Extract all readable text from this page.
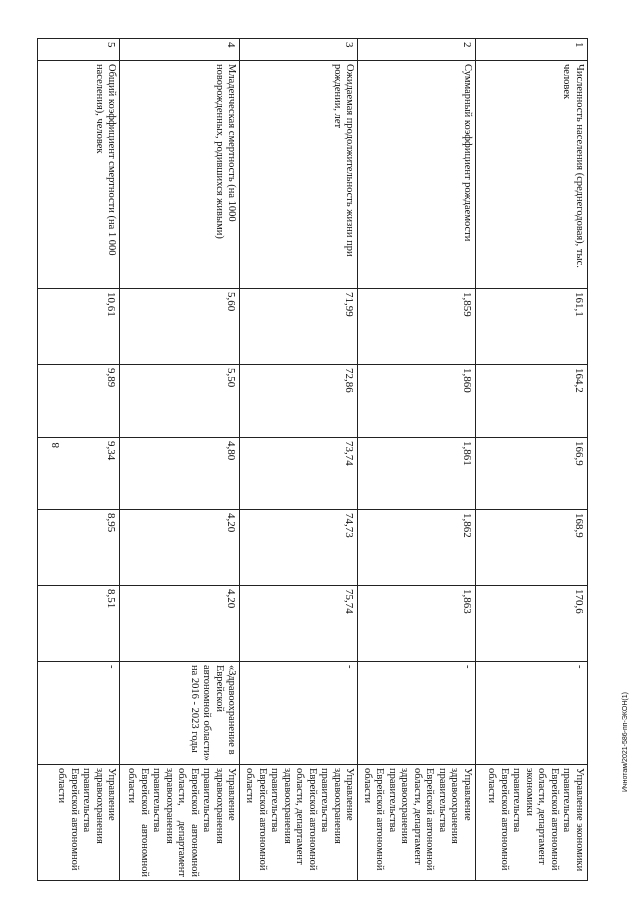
8
1	Численность населения (среднегодовая), тыс. человек	161,1	164,2	166,9	168,9	170,6	-	Управление экономики правительства Еврейской автономной области, департамент экономики правительства Еврейской автономной области
2	Суммарный коэффициент рождаемости	1,859	1,860	1,861	1,862	1,863	-	Управление здравоохранения правительства Еврейской автономной области, департамент здравоохранения правительства Еврейской автономной области
3	Ожидаемая продолжительность жизни при рождении, лет	71,99	72,86	73,74	74,73	75,74	-	Управление здравоохранения правительства Еврейской автономной области, департамент здравоохранения правительства Еврейской автономной области
4	Младенческая смертность (на 1000 новорожденных, родившихся живыми)	5,60	5,50	4,80	4,20	4,20	«Здравоохранение в Еврейской автономной области» на 2016 - 2023 годы	Управление здравоохранения правительства Еврейской автономной области, департамент здравоохранения правительства Еврейской автономной области
5	Общий коэффициент смертности (на 1 000 населения), человек	10,61	9,89	9,34	8,95	8,51	-	Управление здравоохранения правительства Еврейской автономной области	Ичнотам/2021-586-пп-ЭКОН(1)
